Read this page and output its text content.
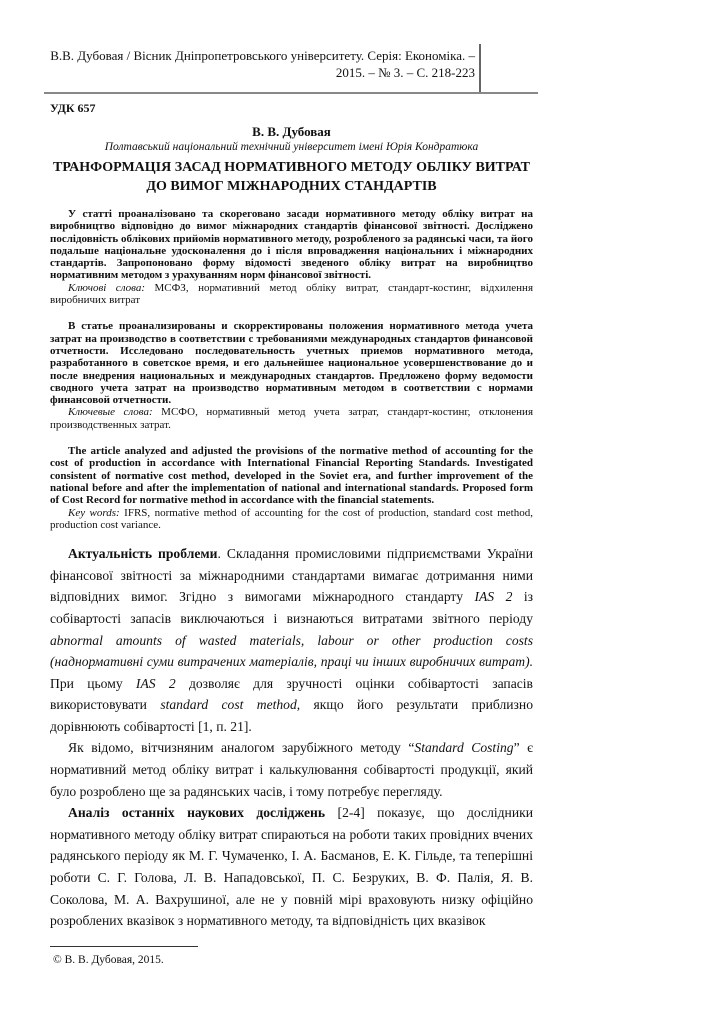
В.В. Дубовая / Вісник Дніпропетровського університету. Серія: Економіка. –
2015. – № 3. – С. 218-223
УДК 657
В. В. Дубовая
Полтавський національний технічний університет імені Юрія Кондратюка
ТРАНФОРМАЦІЯ ЗАСАД НОРМАТИВНОГО МЕТОДУ ОБЛІКУ ВИТРАТ
ДО ВИМОГ МІЖНАРОДНИХ СТАНДАРТІВ

У статті проаналізовано та скореговано засади нормативного методу обліку витрат на виробництво відповідно до вимог міжнародних стандартів фінансової звітності. Досліджено послідовність облікових прийомів нормативного методу, розробленого за радянські часи, та його подальше національне удосконалення до і після впровадження національних і міжнародних стандартів. Запропоновано форму відомості зведеного обліку витрат на виробництво нормативним методом з урахуванням норм фінансової звітності.

Ключові слова: МСФЗ, нормативний метод обліку витрат, стандарт-костинг, відхилення виробничих витрат

В статье проанализированы и скорректированы положения нормативного метода учета затрат на производство в соответствии с требованиями международных стандартов финансовой отчетности. Исследовано последовательность учетных приемов нормативного метода, разработанного в советское время, и его дальнейшее национальное усовершенствование до и после внедрения национальных и международных стандартов. Предложено форму ведомости сводного учета затрат на производство нормативным методом в соответствии с нормами финансовой отчетности.

Ключевые слова: МСФО, нормативный метод учета затрат, стандарт-костинг, отклонения производственных затрат.

The article analyzed and adjusted the provisions of the normative method of accounting for the cost of production in accordance with International Financial Reporting Standards. Investigated consistent of normative cost method, developed in the Soviet era, and further improvement of the national before and after the implementation of national and international standards. Proposed form of Cost Record for normative method in accordance with the financial statements.

Key words: IFRS, normative method of accounting for the cost of production, standard cost method, production cost variance.

Актуальність проблеми. Складання промисловими підприємствами України фінансової звітності за міжнародними стандартами вимагає дотримання ними відповідних вимог. Згідно з вимогами міжнародного стандарту IAS 2 із собівартості запасів виключаються і визнаються витратами звітного періоду abnormal amounts of wasted materials, labour or other production costs (наднормативні суми витрачених матеріалів, праці чи інших виробничих витрат). При цьому IAS 2 дозволяє для зручності оцінки собівартості запасів використовувати standard cost method, якщо його результати приблизно дорівнюють собівартості [1, п. 21].

Як відомо, вітчизняним аналогом зарубіжного методу “Standard Costing” є нормативний метод обліку витрат і калькулювання собівартості продукції, який було розроблено ще за радянських часів, і тому потребує перегляду.

Аналіз останніх наукових досліджень [2-4] показує, що дослідники нормативного методу обліку витрат спираються на роботи таких провідних вчених радянського періоду як М. Г. Чумаченко, І. А. Басманов, Е. К. Гільде, та теперішні роботи С. Г. Голова, Л. В. Нападовської, П. С. Безруких, В. Ф. Палія, Я. В. Соколова, М. А. Вахрушиної, але не у повній мірі враховують низку офіційно розроблених вказівок з нормативного методу, та відповідність цих вказівок

© В. В. Дубовая, 2015.
